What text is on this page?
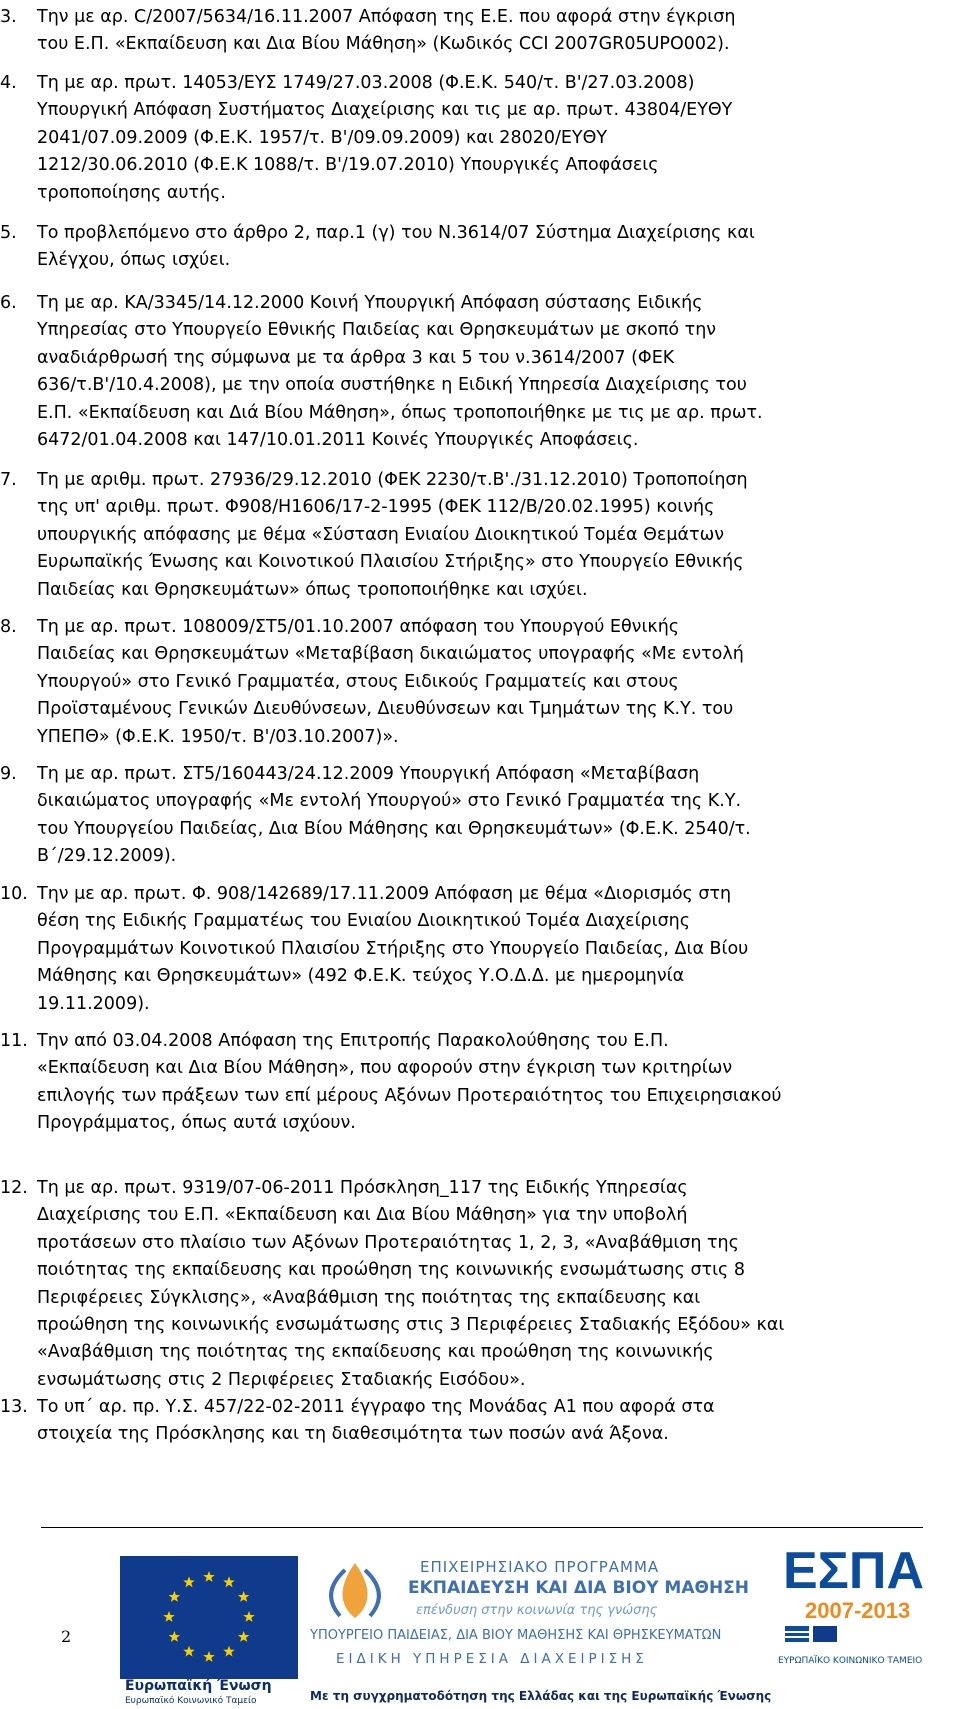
3. Την με αρ. C/2007/5634/16.11.2007 Απόφαση της Ε.Ε. που αφορά στην έγκριση
του Ε.Π. «Εκπαίδευση και Δια Βίου Μάθηση» (Κωδικός CCI 2007GR05UPO002).
4. Τη με αρ. πρωτ. 14053/ΕΥΣ 1749/27.03.2008 (Φ.Ε.Κ. 540/τ. Β'/27.03.2008)
Υπουργική Απόφαση Συστήματος Διαχείρισης και τις με αρ. πρωτ. 43804/ΕΥΘΥ
2041/07.09.2009 (Φ.Ε.Κ. 1957/τ. Β'/09.09.2009) και 28020/ΕΥΘΥ
1212/30.06.2010 (Φ.Ε.Κ 1088/τ. Β'/19.07.2010) Υπουργικές Αποφάσεις
τροποποίησης αυτής.
5. Το προβλεπόμενο στο άρθρο 2, παρ.1 (γ) του Ν.3614/07 Σύστημα Διαχείρισης και
Ελέγχου, όπως ισχύει.
6. Τη με αρ. ΚΑ/3345/14.12.2000 Κοινή Υπουργική Απόφαση σύστασης Ειδικής
Υπηρεσίας στο Υπουργείο Εθνικής Παιδείας και Θρησκευμάτων με σκοπό την
αναδιάρθρωσή της σύμφωνα με τα άρθρα 3 και 5 του ν.3614/2007 (ΦΕΚ
636/τ.Β'/10.4.2008), με την οποία συστήθηκε η Ειδική Υπηρεσία Διαχείρισης του
Ε.Π. «Εκπαίδευση και Διά Βίου Μάθηση», όπως τροποποιήθηκε με τις με αρ. πρωτ.
6472/01.04.2008 και 147/10.01.2011 Κοινές Υπουργικές Αποφάσεις.
7. Τη με αριθμ. πρωτ. 27936/29.12.2010 (ΦΕΚ 2230/τ.Β'./31.12.2010) Τροποποίηση
της υπ' αριθμ. πρωτ. Φ908/Η1606/17-2-1995 (ΦΕΚ 112/Β/20.02.1995) κοινής
υπουργικής απόφασης με θέμα «Σύσταση Ενιαίου Διοικητικού Τομέα Θεμάτων
Ευρωπαϊκής Ένωσης και Κοινοτικού Πλαισίου Στήριξης» στο Υπουργείο Εθνικής
Παιδείας και Θρησκευμάτων» όπως τροποποιήθηκε και ισχύει.
8. Τη με αρ. πρωτ. 108009/ΣΤ5/01.10.2007 απόφαση του Υπουργού Εθνικής
Παιδείας και Θρησκευμάτων «Μεταβίβαση δικαιώματος υπογραφής «Με εντολή
Υπουργού» στο Γενικό Γραμματέα, στους Ειδικούς Γραμματείς και στους
Προϊσταμένους Γενικών Διευθύνσεων, Διευθύνσεων και Τμημάτων της Κ.Υ. του
ΥΠΕΠΘ» (Φ.Ε.Κ. 1950/τ. Β'/03.10.2007)».
9. Τη με αρ. πρωτ. ΣΤ5/160443/24.12.2009 Υπουργική Απόφαση «Μεταβίβαση
δικαιώματος υπογραφής «Με εντολή Υπουργού» στο Γενικό Γραμματέα της Κ.Υ.
του Υπουργείου Παιδείας, Δια Βίου Μάθησης και Θρησκευμάτων» (Φ.Ε.Κ. 2540/τ.
Β΄/29.12.2009).
10. Την με αρ. πρωτ. Φ. 908/142689/17.11.2009 Απόφαση με θέμα «Διορισμός στη
θέση της Ειδικής Γραμματέως του Ενιαίου Διοικητικού Τομέα Διαχείρισης
Προγραμμάτων Κοινοτικού Πλαισίου Στήριξης στο Υπουργείο Παιδείας, Δια Βίου
Μάθησης και Θρησκευμάτων» (492 Φ.Ε.Κ. τεύχος Υ.Ο.Δ.Δ. με ημερομηνία
19.11.2009).
11. Την από 03.04.2008 Απόφαση της Επιτροπής Παρακολούθησης του Ε.Π.
«Εκπαίδευση και Δια Βίου Μάθηση», που αφορούν στην έγκριση των κριτηρίων
επιλογής των πράξεων των επί μέρους Αξόνων Προτεραιότητος του Επιχειρησιακού
Προγράμματος, όπως αυτά ισχύουν.
12. Τη με αρ. πρωτ. 9319/07-06-2011 Πρόσκληση_117 της Ειδικής Υπηρεσίας
Διαχείρισης του Ε.Π. «Εκπαίδευση και Δια Βίου Μάθηση» για την υποβολή
προτάσεων στο πλαίσιο των Αξόνων Προτεραιότητας 1, 2, 3, «Αναβάθμιση της
ποιότητας της εκπαίδευσης και προώθηση της κοινωνικής ενσωμάτωσης στις 8
Περιφέρειες Σύγκλισης», «Αναβάθμιση της ποιότητας της εκπαίδευσης και
προώθηση της κοινωνικής ενσωμάτωσης στις 3 Περιφέρειες Σταδιακής Εξόδου» και
«Αναβάθμιση της ποιότητας της εκπαίδευσης και προώθηση της κοινωνικής
ενσωμάτωσης στις 2 Περιφέρειες Σταδιακής Εισόδου».
13. Το υπ΄ αρ. πρ. Υ.Σ. 457/22-02-2011 έγγραφο της Μονάδας Α1 που αφορά στα
στοιχεία της Πρόσκλησης και τη διαθεσιμότητα των ποσών ανά Άξονα.
2
Ευρωπαϊκή Ένωση
Ευρωπαϊκό Κοινωνικό Ταμείο
ΕΠΙΧΕΙΡΗΣΙΑΚΟ ΠΡΟΓΡΑΜΜΑ
ΕΚΠΑΙΔΕΥΣΗ ΚΑΙ ΔΙΑ ΒΙΟΥ ΜΑΘΗΣΗ
επένδυση στην κοινωνία της γνώσης
ΥΠΟΥΡΓΕΙΟ ΠΑΙΔΕΙΑΣ, ΔΙΑ ΒΙΟΥ ΜΑΘΗΣΗΣ ΚΑΙ ΘΡΗΣΚΕΥΜΑΤΩΝ
ΕΙΔΙΚΗ ΥΠΗΡΕΣΙΑ ΔΙΑΧΕΙΡΙΣΗΣ
ΕΣΠΑ
2007-2013
ΕΥΡΩΠΑΪΚΟ ΚΟΙΝΩΝΙΚΟ ΤΑΜΕΙΟ
Με τη συγχρηματοδότηση της Ελλάδας και της Ευρωπαϊκής Ένωσης
